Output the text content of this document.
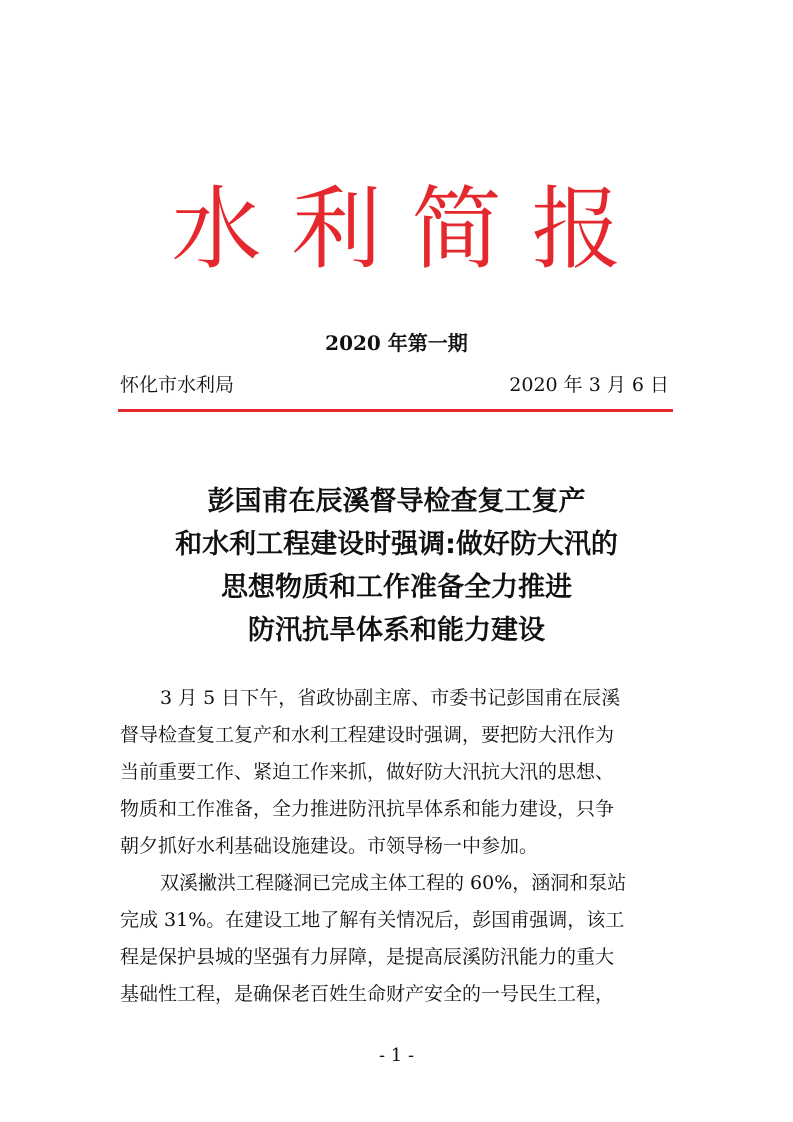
水利简报
2020 年第一期
怀化市水利局	2020 年 3 月 6 日
彭国甫在辰溪督导检查复工复产
和水利工程建设时强调:做好防大汛的
思想物质和工作准备全力推进
防汛抗旱体系和能力建设
3 月 5 日下午，省政协副主席、市委书记彭国甫在辰溪
督导检查复工复产和水利工程建设时强调，要把防大汛作为
当前重要工作、紧迫工作来抓，做好防大汛抗大汛的思想、
物质和工作准备，全力推进防汛抗旱体系和能力建设，只争
朝夕抓好水利基础设施建设。市领导杨一中参加。
双溪撇洪工程隧洞已完成主体工程的 60%，涵洞和泵站
完成 31%。在建设工地了解有关情况后，彭国甫强调，该工
程是保护县城的坚强有力屏障，是提高辰溪防汛能力的重大
基础性工程，是确保老百姓生命财产安全的一号民生工程，
- 1 -
